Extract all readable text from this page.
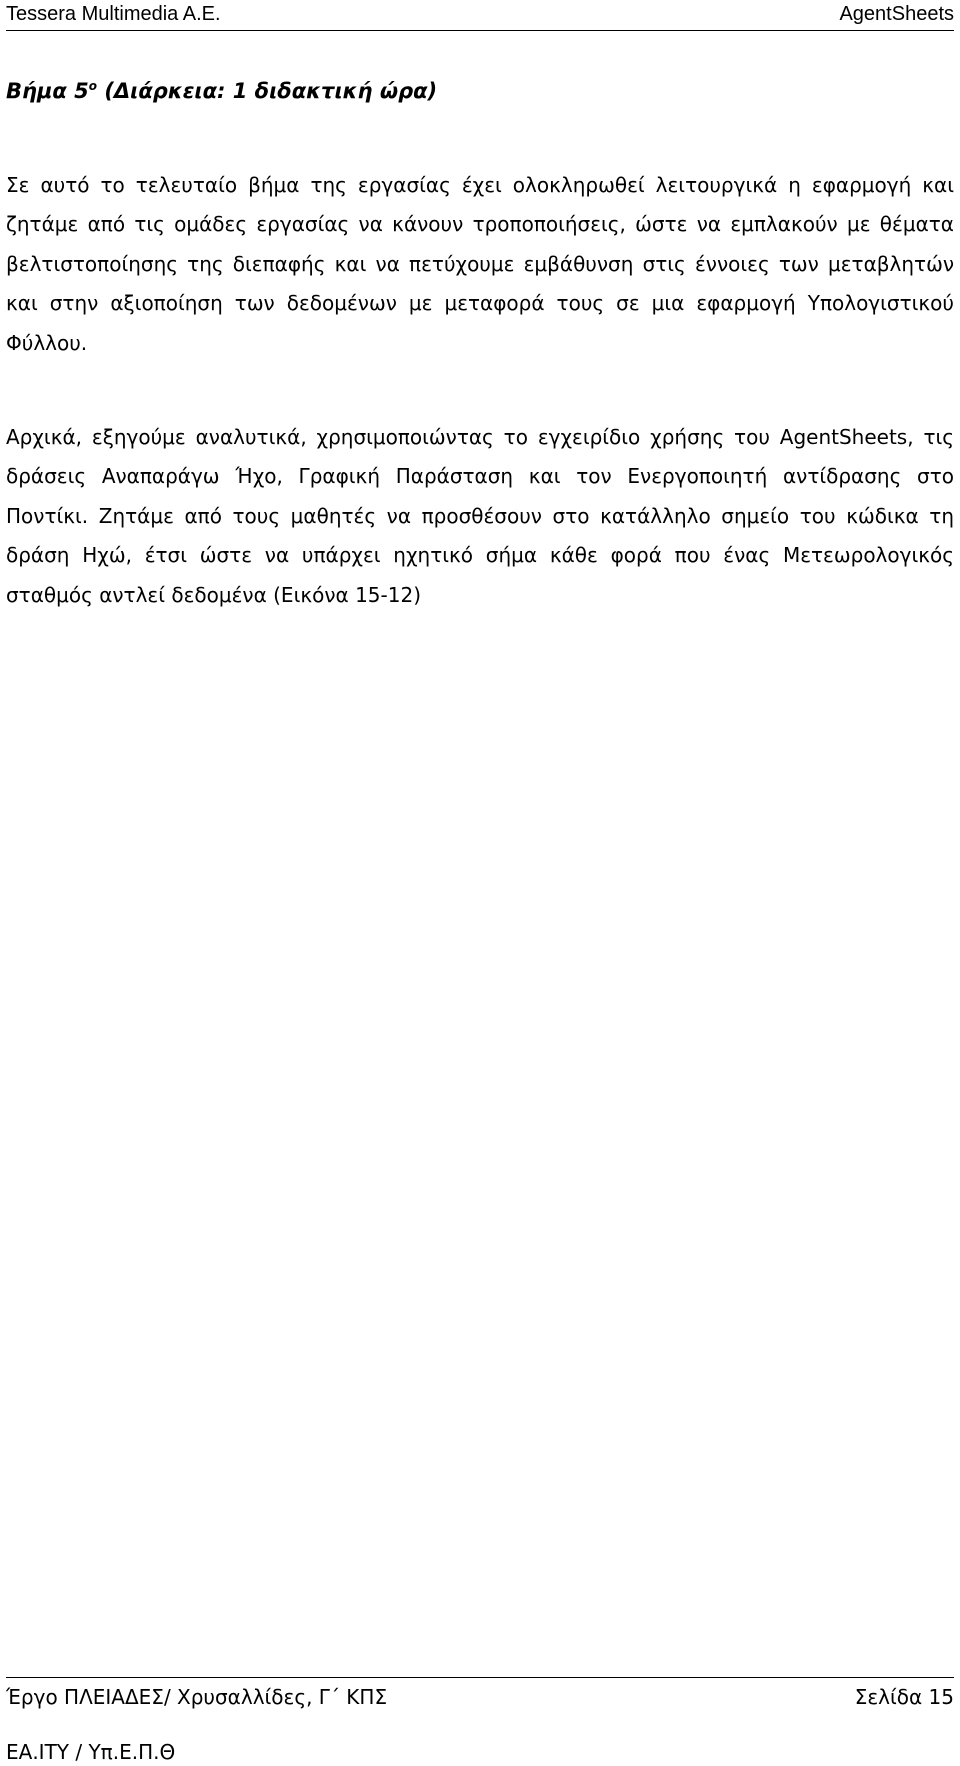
Tessera Multimedia A.E.	AgentSheets
Βήμα $5^o$ (Διάρκεια: 1 διδακτική ώρα)

Σε αυτό το τελευταίο βήμα της εργασίας έχει ολοκληρωθεί λειτουργικά η εφαρμογή και ζητάμε από τις ομάδες εργασίας να κάνουν τροποποιήσεις, ώστε να εμπλακούν με θέματα βελτιστοποίησης της διεπαφής και να πετύχουμε εμβάθυνση στις έννοιες των μεταβλητών και στην αξιοποίηση των δεδομένων με μεταφορά τους σε μια εφαρμογή Υπολογιστικού Φύλλου.

Αρχικά, εξηγούμε αναλυτικά, χρησιμοποιώντας το εγχειρίδιο χρήσης του AgentSheets, τις δράσεις Αναπαράγω Ήχο, Γραφική Παράσταση και τον Ενεργοποιητή αντίδρασης στο Ποντίκι. Ζητάμε από τους μαθητές να προσθέσουν στο κατάλληλο σημείο του κώδικα τη δράση Ηχώ, έτσι ώστε να υπάρχει ηχητικό σήμα κάθε φορά που ένας Μετεωρολογικός σταθμός αντλεί δεδομένα (Εικόνα 15-12)

Έργο ΠΛΕΙΑΔΕΣ/ Χρυσαλλίδες, Γ΄ ΚΠΣ	Σελίδα 15
ΕΑ.ΙΤΥ / Υπ.Ε.Π.Θ
